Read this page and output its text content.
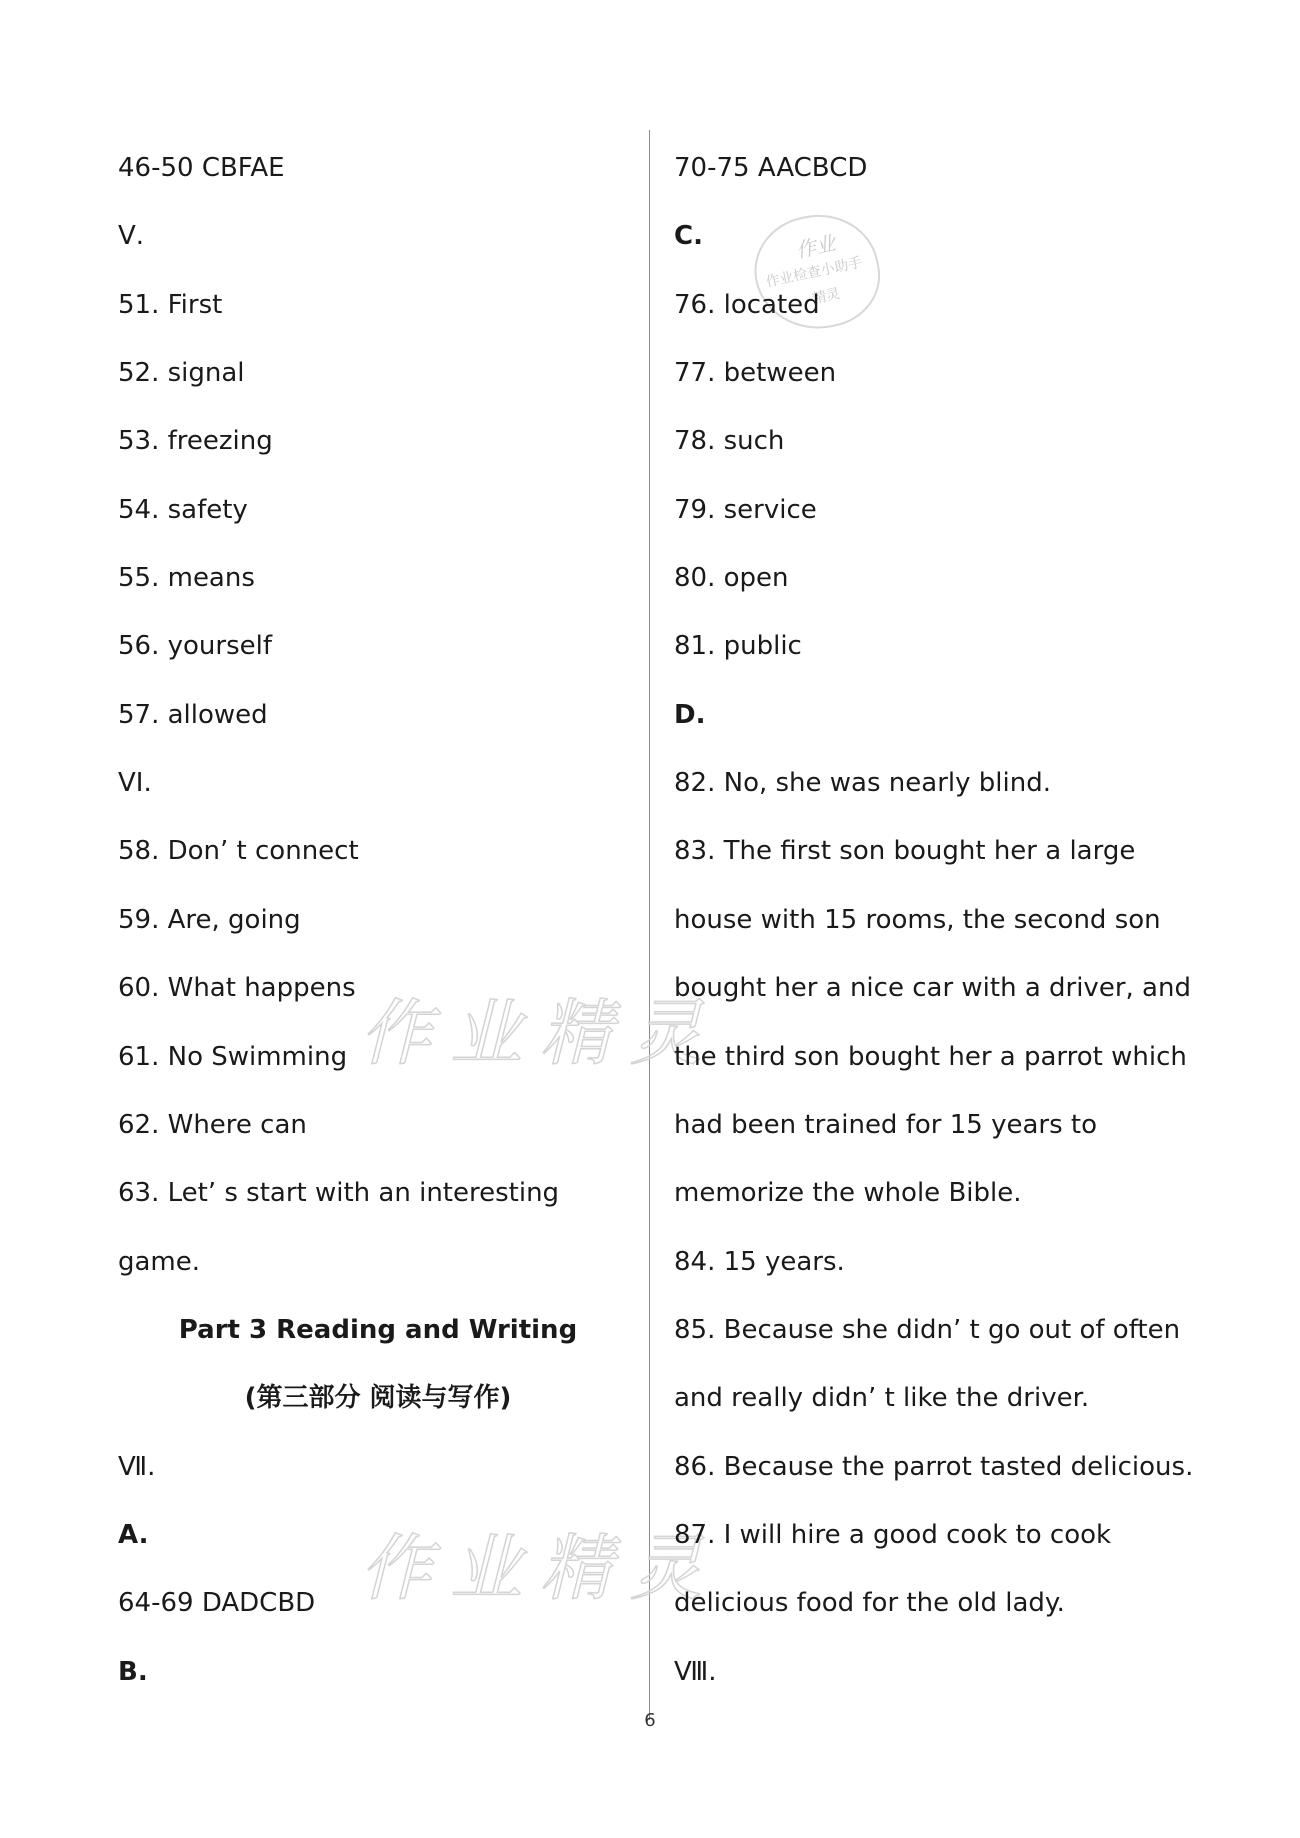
作业精灵
作业精灵
作业
作业检查小助手
精灵
46-50 CBFAE
Ⅴ.
51. First
52. signal
53. freezing
54. safety
55. means
56. yourself
57. allowed
VI.
58. Don’ t connect
59. Are, going
60. What happens
61. No Swimming
62. Where can
63. Let’ s start with an interesting
game.
Part 3 Reading and Writing
(第三部分 阅读与写作)
Ⅶ.
A.
64-69 DADCBD
B.
70-75 AACBCD
C.
76. located
77. between
78. such
79. service
80. open
81. public
D.
82. No, she was nearly blind.
83. The first son bought her a large
house with 15 rooms, the second son
bought her a nice car with a driver, and
the third son bought her a parrot which
had been trained for 15 years to
memorize the whole Bible.
84. 15 years.
85. Because she didn’ t go out of often
and really didn’ t like the driver.
86. Because the parrot tasted delicious.
87. I will hire a good cook to cook
delicious food for the old lady.
Ⅷ.
6
